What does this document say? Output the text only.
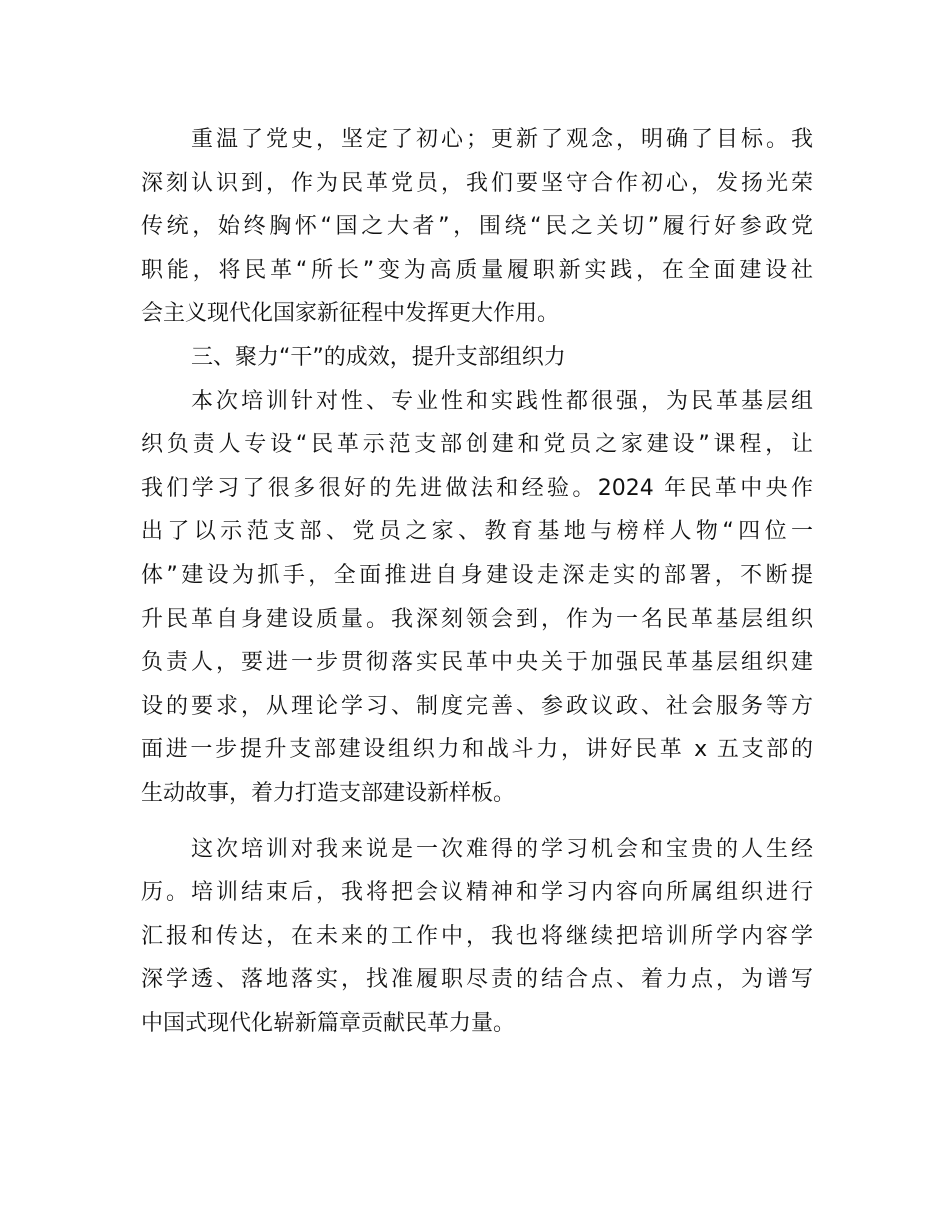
重温了党史，坚定了初心；更新了观念，明确了目标。我
深刻认识到，作为民革党员，我们要坚守合作初心，发扬光荣
传统，始终胸怀“国之大者”，围绕“民之关切”履行好参政党
职能，将民革“所长”变为高质量履职新实践，在全面建设社
会主义现代化国家新征程中发挥更大作用。
三、聚力“干”的成效，提升支部组织力
本次培训针对性、专业性和实践性都很强，为民革基层组
织负责人专设“民革示范支部创建和党员之家建设”课程，让
我们学习了很多很好的先进做法和经验。2024 年民革中央作
出了以示范支部、党员之家、教育基地与榜样人物“四位一
体”建设为抓手，全面推进自身建设走深走实的部署，不断提
升民革自身建设质量。我深刻领会到，作为一名民革基层组织
负责人，要进一步贯彻落实民革中央关于加强民革基层组织建
设的要求，从理论学习、制度完善、参政议政、社会服务等方
面进一步提升支部建设组织力和战斗力，讲好民革 x 五支部的
生动故事，着力打造支部建设新样板。
这次培训对我来说是一次难得的学习机会和宝贵的人生经
历。培训结束后，我将把会议精神和学习内容向所属组织进行
汇报和传达，在未来的工作中，我也将继续把培训所学内容学
深学透、落地落实，找准履职尽责的结合点、着力点，为谱写
中国式现代化崭新篇章贡献民革力量。
